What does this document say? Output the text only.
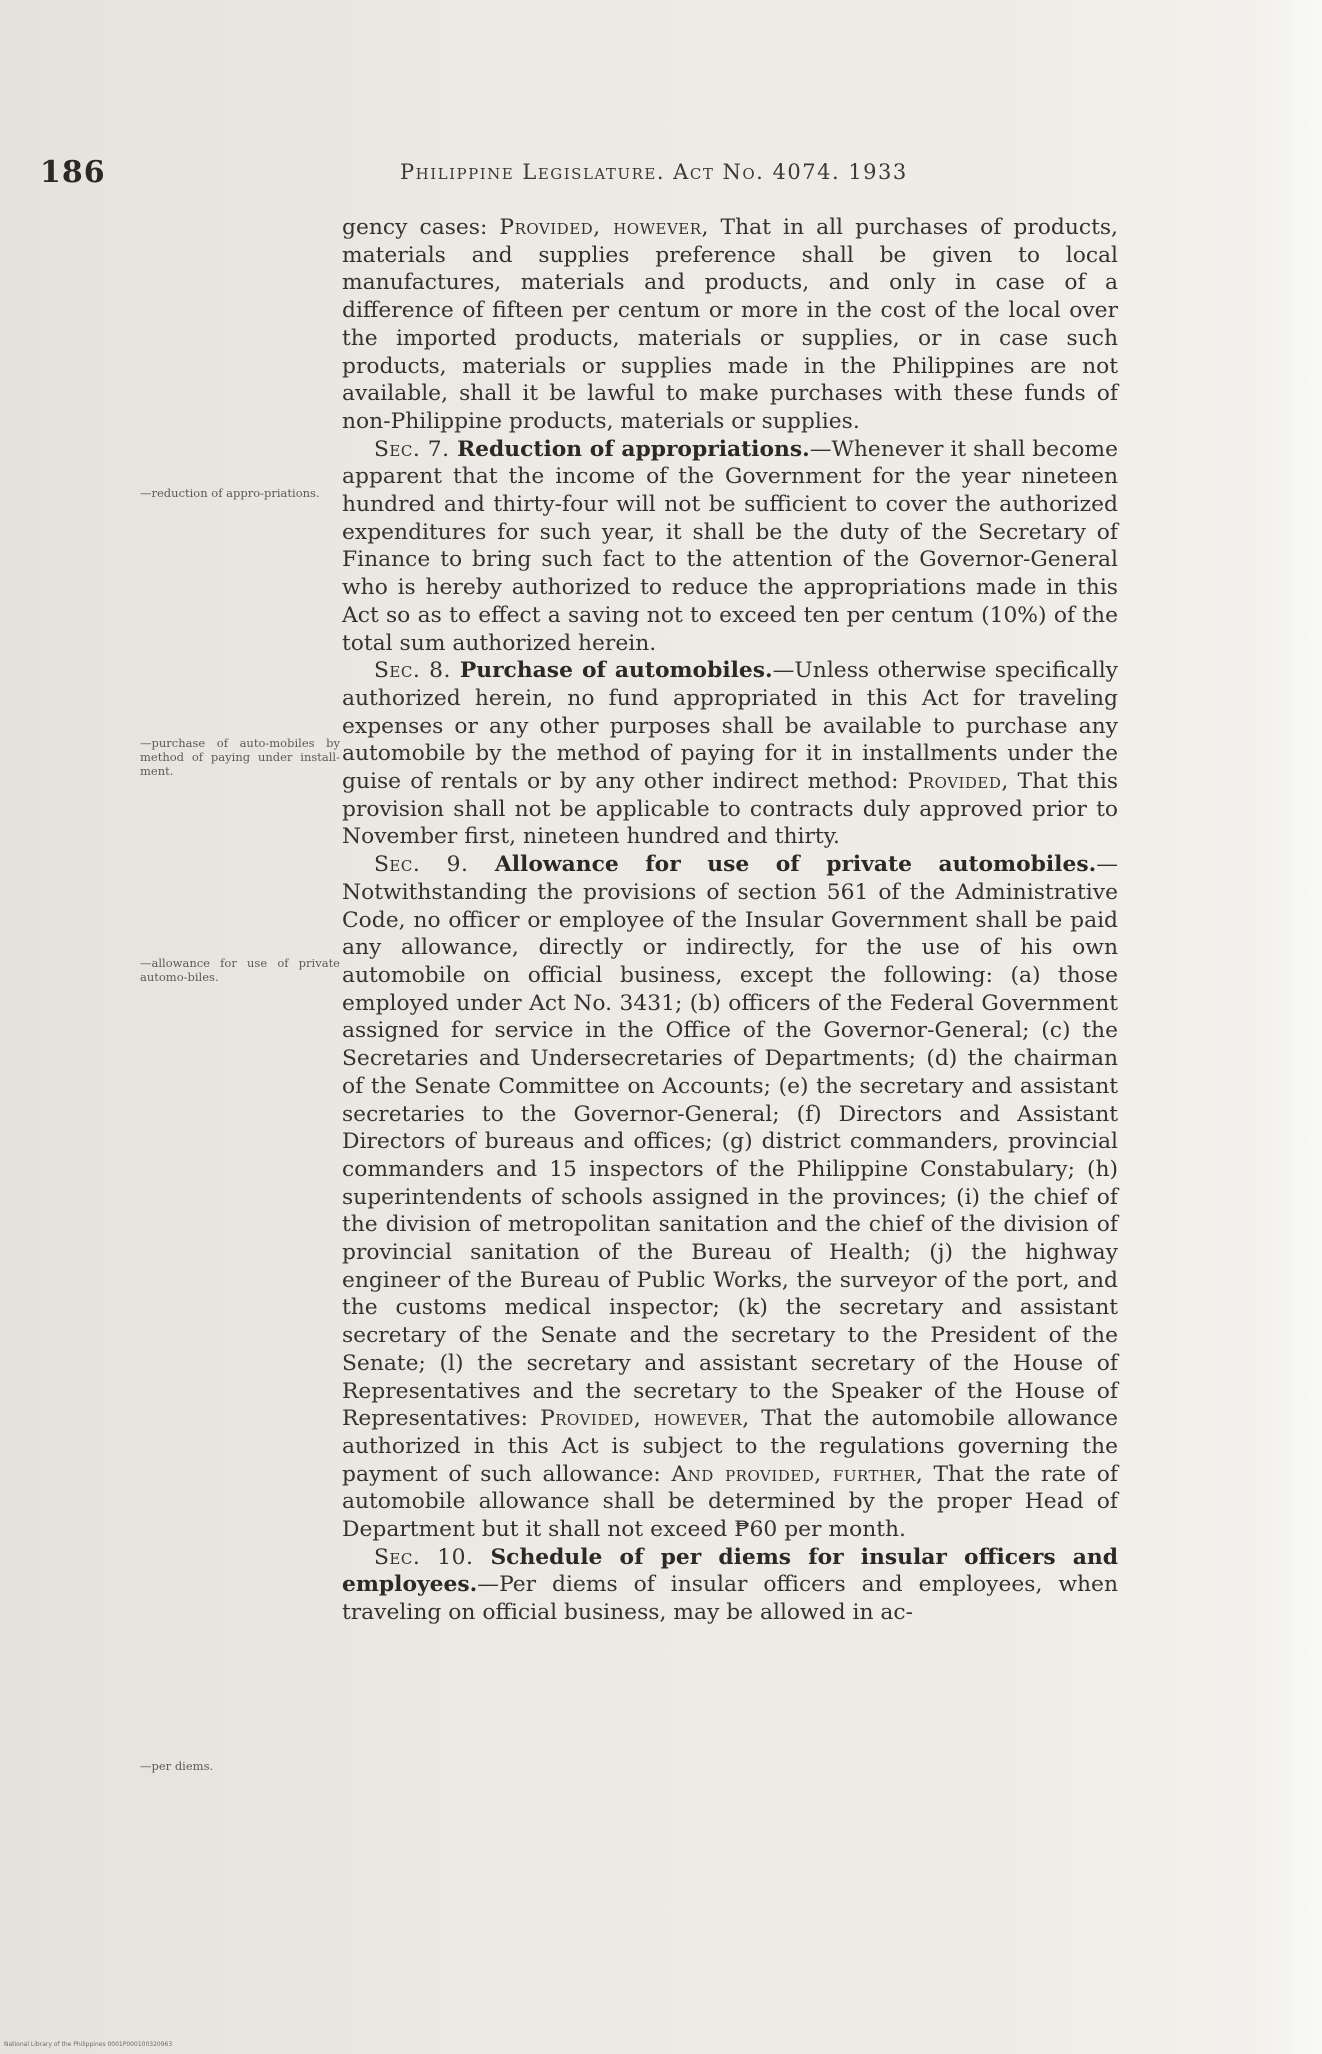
186	Philippine Legislature. Act No. 4074. 1933
—reduction of appro-priations.
—purchase of auto-mobiles by method of paying under install-ment.
—allowance for use of private automo-biles.
—per diems.

gency cases: Provided, however, That in all purchases of products, materials and supplies preference shall be given to local manufactures, materials and products, and only in case of a difference of fifteen per centum or more in the cost of the local over the imported products, materials or supplies, or in case such products, materials or supplies made in the Philippines are not available, shall it be lawful to make purchases with these funds of non-Philippine products, materials or supplies.

Sec. 7. Reduction of appropriations.—Whenever it shall become apparent that the income of the Government for the year nineteen hundred and thirty-four will not be sufficient to cover the authorized expenditures for such year, it shall be the duty of the Secretary of Finance to bring such fact to the attention of the Governor-General who is hereby authorized to reduce the appropriations made in this Act so as to effect a saving not to exceed ten per centum (10%) of the total sum authorized herein.

Sec. 8. Purchase of automobiles.—Unless otherwise specifically authorized herein, no fund appropriated in this Act for traveling expenses or any other purposes shall be available to purchase any automobile by the method of paying for it in installments under the guise of rentals or by any other indirect method: Provided, That this provision shall not be applicable to contracts duly approved prior to November first, nineteen hundred and thirty.

Sec. 9. Allowance for use of private automobiles.—Notwithstanding the provisions of section 561 of the Administrative Code, no officer or employee of the Insular Government shall be paid any allowance, directly or indirectly, for the use of his own automobile on official business, except the following: (a) those employed under Act No. 3431; (b) officers of the Federal Government assigned for service in the Office of the Governor-General; (c) the Secretaries and Undersecretaries of Departments; (d) the chairman of the Senate Committee on Accounts; (e) the secretary and assistant secretaries to the Governor-General; (f) Directors and Assistant Directors of bureaus and offices; (g) district commanders, provincial commanders and 15 inspectors of the Philippine Constabulary; (h) superintendents of schools assigned in the provinces; (i) the chief of the division of metropolitan sanitation and the chief of the division of provincial sanitation of the Bureau of Health; (j) the highway engineer of the Bureau of Public Works, the surveyor of the port, and the customs medical inspector; (k) the secretary and assistant secretary of the Senate and the secretary to the President of the Senate; (l) the secretary and assistant secretary of the House of Representatives and the secretary to the Speaker of the House of Representatives: Provided, however, That the automobile allowance authorized in this Act is subject to the regulations governing the payment of such allowance: And provided, further, That the rate of automobile allowance shall be determined by the proper Head of Department but it shall not exceed ₱60 per month.

Sec. 10. Schedule of per diems for insular officers and employees.—Per diems of insular officers and employees, when traveling on official business, may be allowed in ac-

National Library of the Philippines 0001P000100320963
